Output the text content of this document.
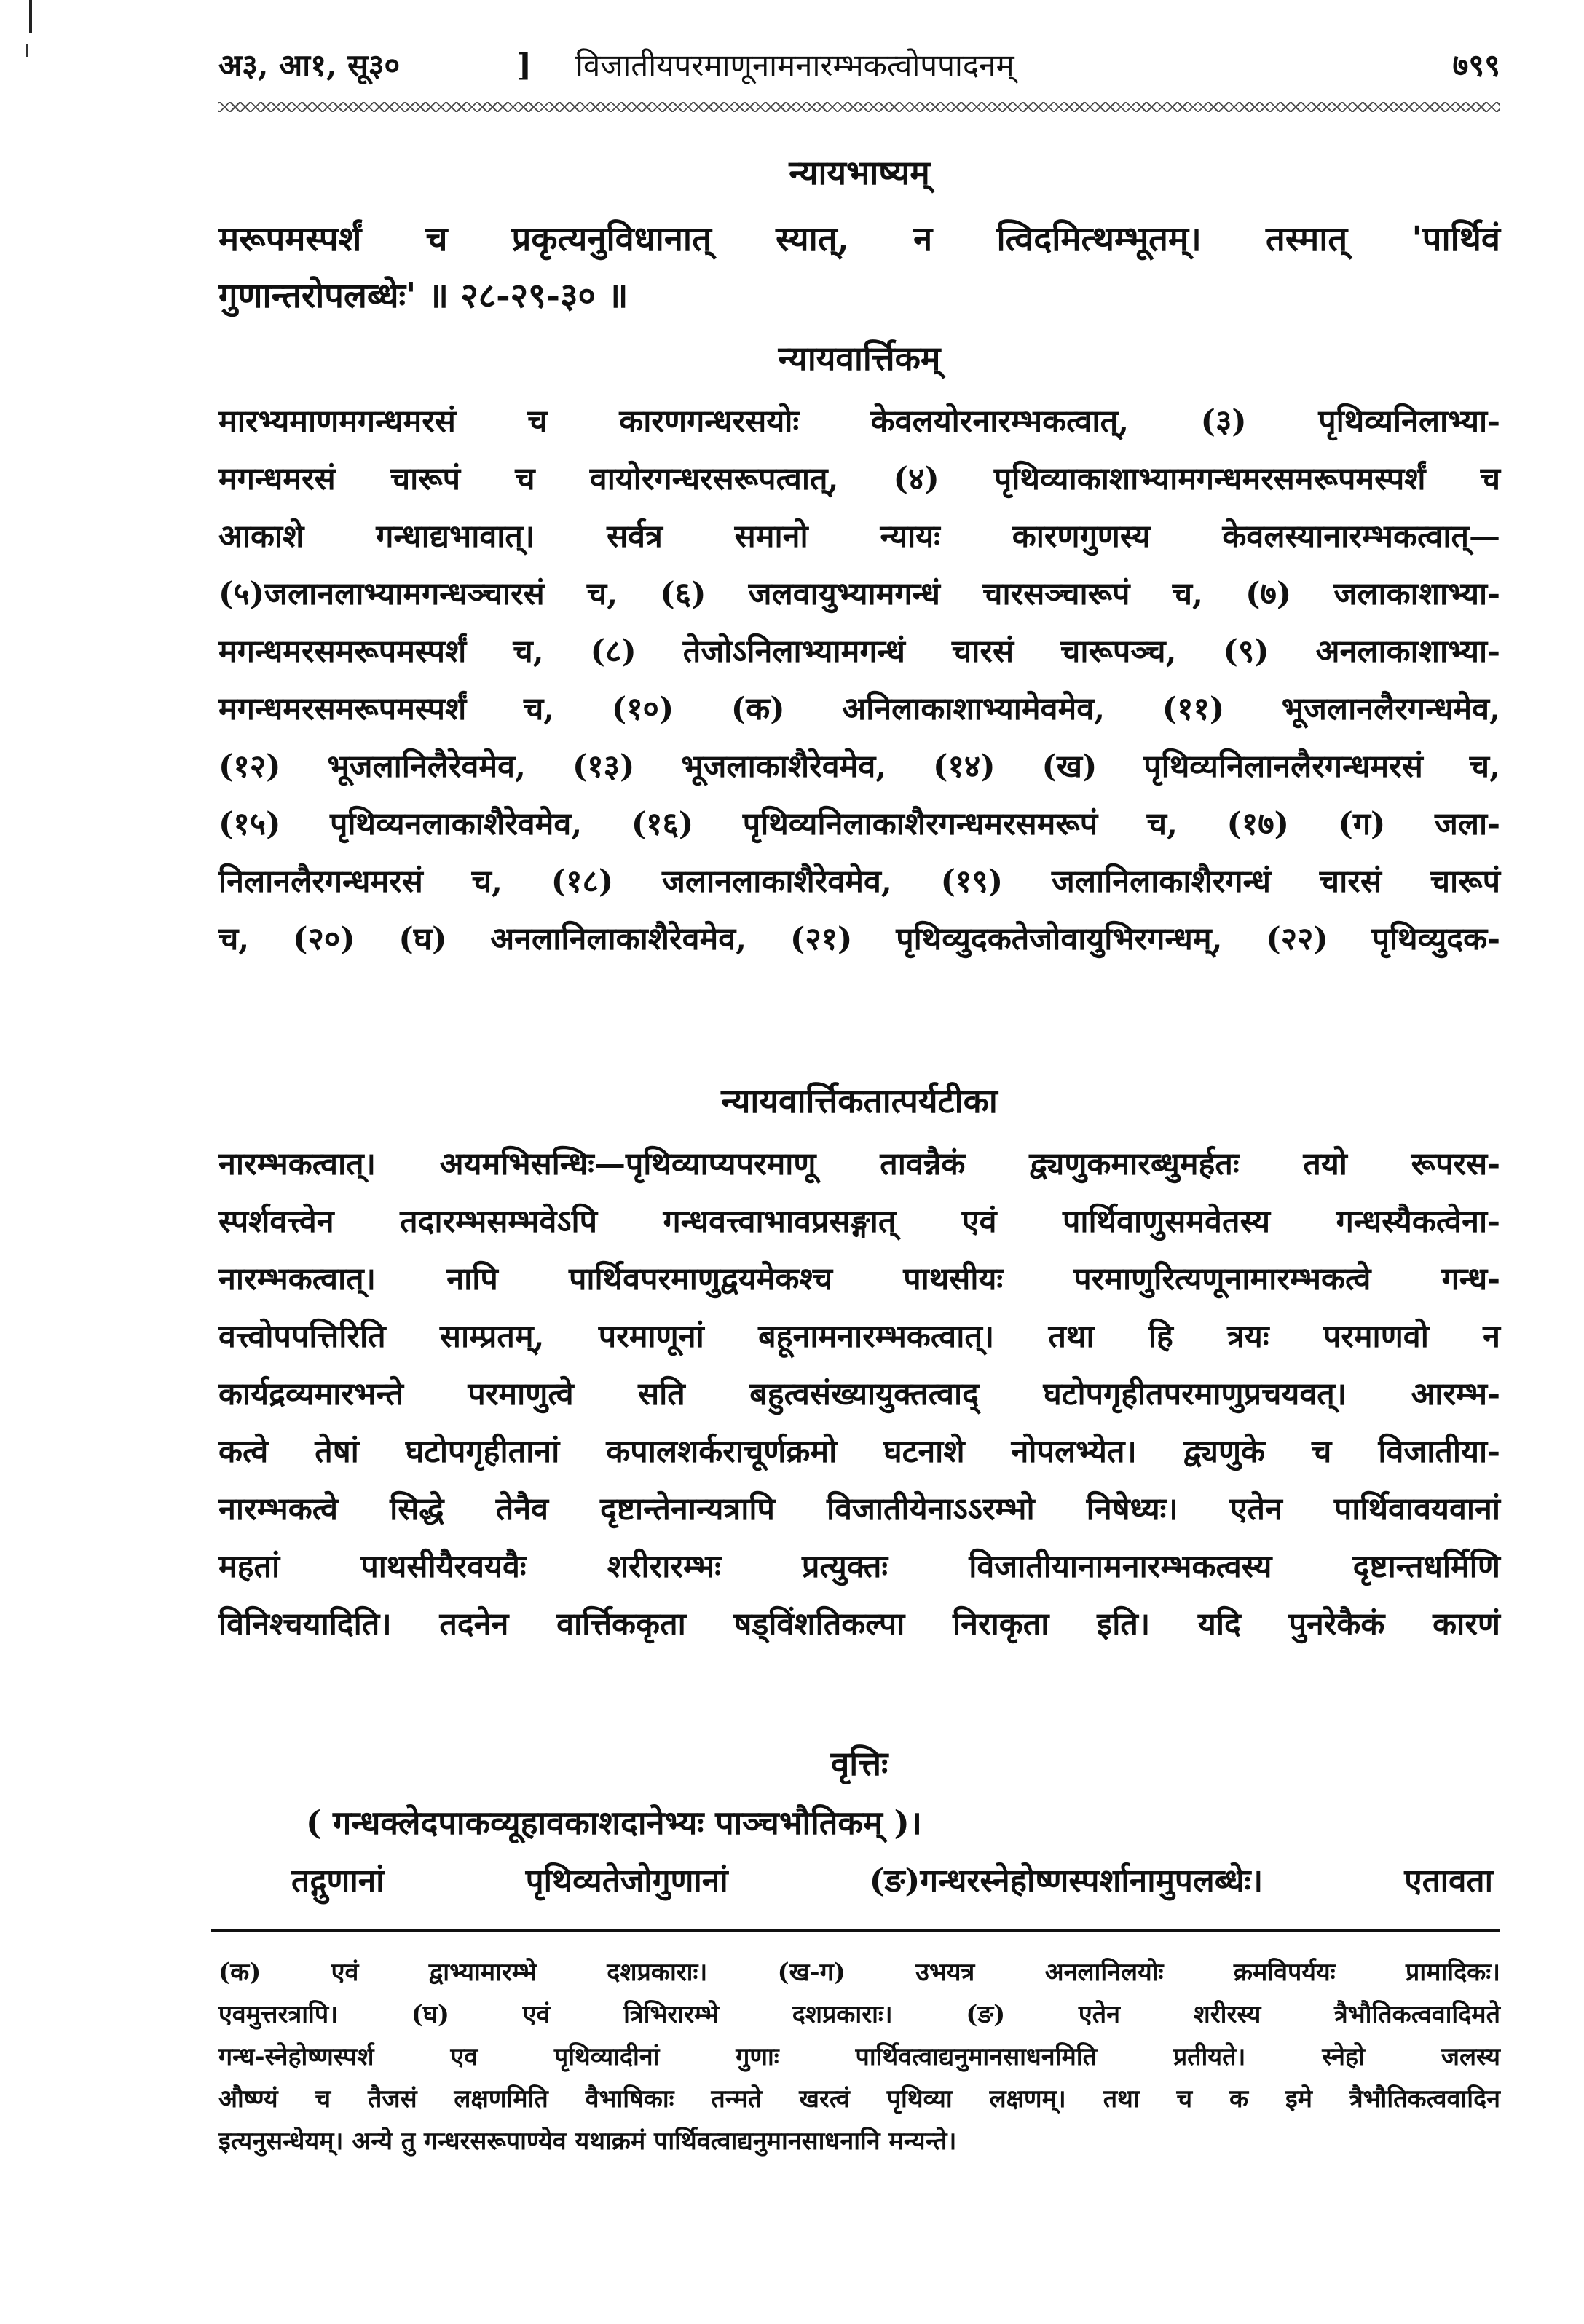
अ३, आ१, सू३०	] विजातीयपरमाणूनामनारम्भकत्वोपपादनम्	७९९
न्यायभाष्यम्
मरूपमस्पर्शं च प्रकृत्यनुविधानात् स्यात्, न त्विदमित्थम्भूतम्। तस्मात् 'पार्थिवं
गुणान्तरोपलब्धेः' ॥ २८-२९-३० ॥
न्यायवार्त्तिकम्
मारभ्यमाणमगन्धमरसं च कारणगन्धरसयोः केवलयोरनारम्भकत्वात्, (३) पृथिव्यनिलाभ्या-
मगन्धमरसं चारूपं च वायोरगन्धरसरूपत्वात्, (४) पृथिव्याकाशाभ्यामगन्धमरसमरूपमस्पर्शं च
आकाशे गन्धाद्यभावात्। सर्वत्र समानो न्यायः कारणगुणस्य केवलस्यानारम्भकत्वात्—
(५)जलानलाभ्यामगन्धञ्चारसं च, (६) जलवायुभ्यामगन्धं चारसञ्चारूपं च, (७) जलाकाशाभ्या-
मगन्धमरसमरूपमस्पर्शं च, (८) तेजोऽनिलाभ्यामगन्धं चारसं चारूपञ्च, (९) अनलाकाशाभ्या-
मगन्धमरसमरूपमस्पर्शं च, (१०) (क) अनिलाकाशाभ्यामेवमेव, (११) भूजलानलैरगन्धमेव,
(१२) भूजलानिलैरेवमेव, (१३) भूजलाकाशैरेवमेव, (१४) (ख) पृथिव्यनिलानलैरगन्धमरसं च,
(१५) पृथिव्यनलाकाशैरेवमेव, (१६) पृथिव्यनिलाकाशैरगन्धमरसमरूपं च, (१७) (ग) जला-
निलानलैरगन्धमरसं च, (१८) जलानलाकाशैरेवमेव, (१९) जलानिलाकाशैरगन्धं चारसं चारूपं
च, (२०) (घ) अनलानिलाकाशैरेवमेव, (२१) पृथिव्युदकतेजोवायुभिरगन्धम्, (२२) पृथिव्युदक-
न्यायवार्त्तिकतात्पर्यटीका
नारम्भकत्वात्। अयमभिसन्धिः—पृथिव्याप्यपरमाणू तावन्नैकं द्व्यणुकमारब्धुमर्हतः तयो रूपरस-
स्पर्शवत्त्वेन तदारम्भसम्भवेऽपि गन्धवत्त्वाभावप्रसङ्गात् एवं पार्थिवाणुसमवेतस्य गन्धस्यैकत्वेना-
नारम्भकत्वात्। नापि पार्थिवपरमाणुद्वयमेकश्च पाथसीयः परमाणुरित्यणूनामारम्भकत्वे गन्ध-
वत्त्वोपपत्तिरिति साम्प्रतम्, परमाणूनां बहूनामनारम्भकत्वात्। तथा हि त्रयः परमाणवो न
कार्यद्रव्यमारभन्ते परमाणुत्वे सति बहुत्वसंख्यायुक्तत्वाद् घटोपगृहीतपरमाणुप्रचयवत्। आरम्भ-
कत्वे तेषां घटोपगृहीतानां कपालशर्कराचूर्णक्रमो घटनाशे नोपलभ्येत। द्व्यणुके च विजातीया-
नारम्भकत्वे सिद्धे तेनैव दृष्टान्तेनान्यत्रापि विजातीयेनाऽऽरम्भो निषेध्यः। एतेन पार्थिवावयवानां
महतां पाथसीयैरवयवैः शरीरारम्भः प्रत्युक्तः विजातीयानामनारम्भकत्वस्य दृष्टान्तधर्मिणि
विनिश्चयादिति। तदनेन वार्त्तिककृता षड्विंशतिकल्पा निराकृता इति। यदि पुनरेकैकं कारणं
वृत्तिः
( गन्धक्लेदपाकव्यूहावकाशदानेभ्यः पाञ्चभौतिकम् )।
तद्गुणानां पृथिव्यतेजोगुणानां (ङ)गन्धरस्नेहोष्णस्पर्शानामुपलब्धेः। एतावता
(क) एवं द्वाभ्यामारम्भे दशप्रकाराः। (ख-ग) उभयत्र अनलानिलयोः क्रमविपर्ययः प्रामादिकः।
एवमुत्तरत्रापि। (घ) एवं त्रिभिरारम्भे दशप्रकाराः। (ङ) एतेन शरीरस्य त्रैभौतिकत्ववादिमते
गन्ध-स्नेहोष्णस्पर्श एव पृथिव्यादीनां गुणाः पार्थिवत्वाद्यनुमानसाधनमिति प्रतीयते। स्नेहो जलस्य
औष्ण्यं च तैजसं लक्षणमिति वैभाषिकाः तन्मते खरत्वं पृथिव्या लक्षणम्। तथा च क इमे त्रैभौतिकत्ववादिन
इत्यनुसन्धेयम्। अन्ये तु गन्धरसरूपाण्येव यथाक्रमं पार्थिवत्वाद्यनुमानसाधनानि मन्यन्ते।
